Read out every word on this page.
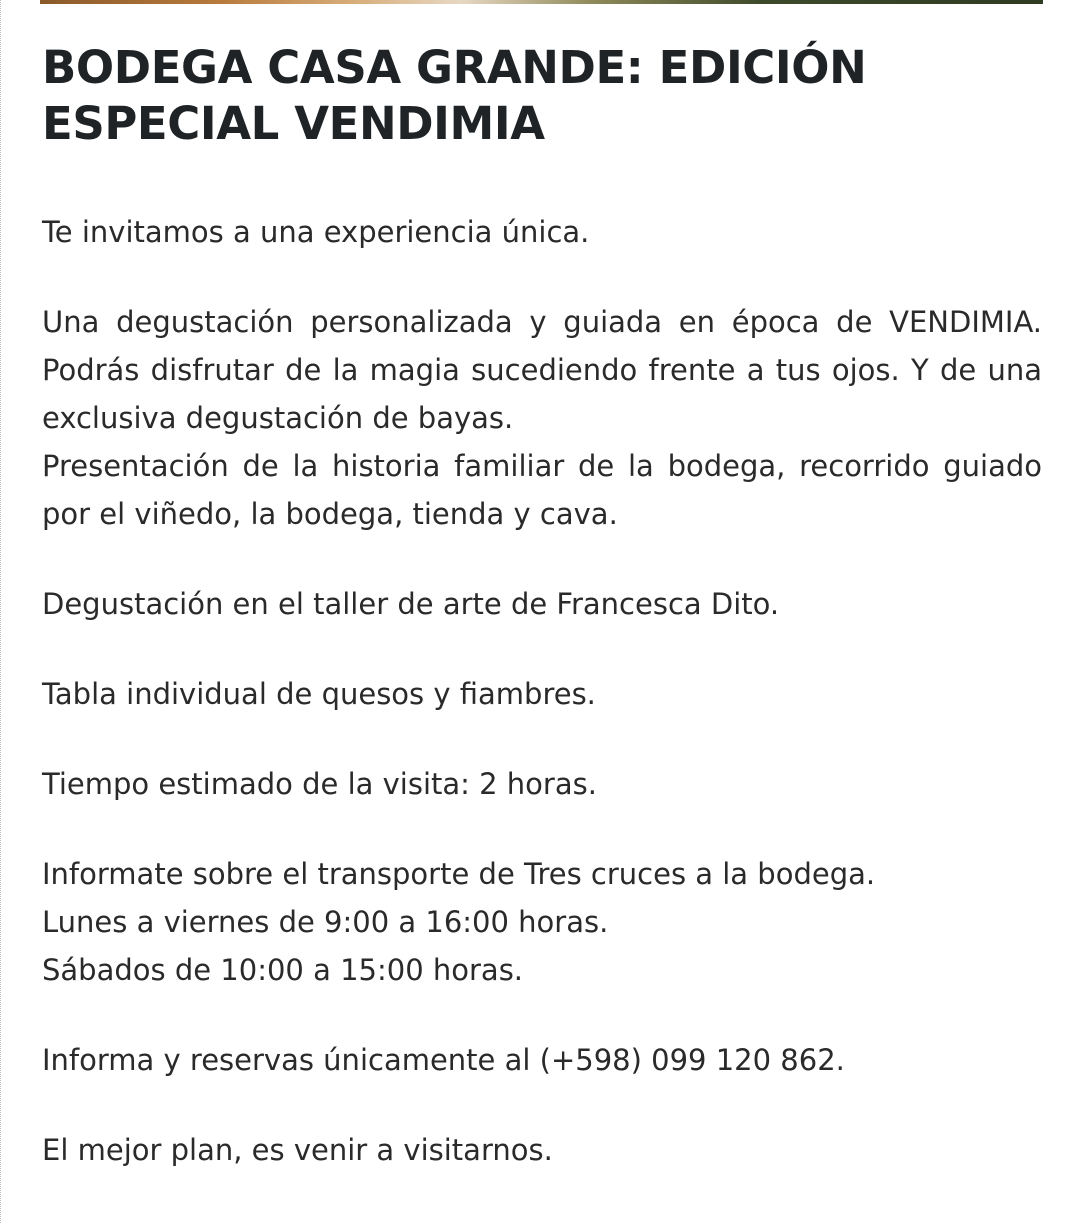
BODEGA CASA GRANDE: EDICIÓN ESPECIAL VENDIMIA

Te invitamos a una experiencia única.

Una degustación personalizada y guiada en época de VENDIMIA. Podrás disfrutar de la magia sucediendo frente a tus ojos. Y de una exclusiva degustación de bayas.

Presentación de la historia familiar de la bodega, recorrido guiado por el viñedo, la bodega, tienda y cava.

Degustación en el taller de arte de Francesca Dito.

Tabla individual de quesos y fiambres.

Tiempo estimado de la visita: 2 horas.

Informate sobre el transporte de Tres cruces a la bodega.

Lunes a viernes de 9:00 a 16:00 horas.

Sábados de 10:00 a 15:00 horas.

Informa y reservas únicamente al (+598) 099 120 862.

El mejor plan, es venir a visitarnos.
